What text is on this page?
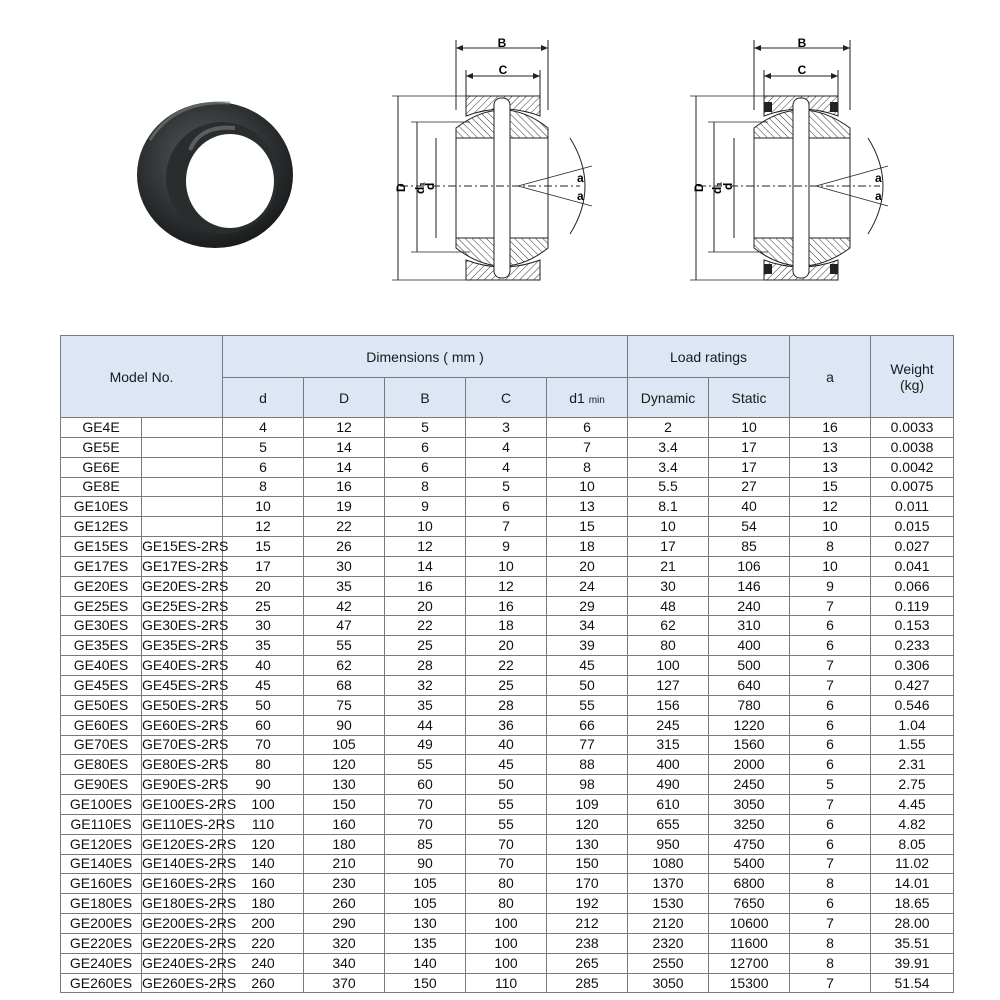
B
C
D d₁
d
a
a
B
C
D d₁
d
a
a
Model No.		Dimensions ( mm )					Load ratings		a	Weight
(kg)
		d	D	B	C	d1 min	Dynamic	Static		
GE4E		4	12	5	3	6	2	10	16	0.0033
GE5E		5	14	6	4	7	3.4	17	13	0.0038
GE6E		6	14	6	4	8	3.4	17	13	0.0042
GE8E		8	16	8	5	10	5.5	27	15	0.0075
GE10ES		10	19	9	6	13	8.1	40	12	0.011
GE12ES		12	22	10	7	15	10	54	10	0.015
GE15ES	GE15ES-2RS	15	26	12	9	18	17	85	8	0.027
GE17ES	GE17ES-2RS	17	30	14	10	20	21	106	10	0.041
GE20ES	GE20ES-2RS	20	35	16	12	24	30	146	9	0.066
GE25ES	GE25ES-2RS	25	42	20	16	29	48	240	7	0.119
GE30ES	GE30ES-2RS	30	47	22	18	34	62	310	6	0.153
GE35ES	GE35ES-2RS	35	55	25	20	39	80	400	6	0.233
GE40ES	GE40ES-2RS	40	62	28	22	45	100	500	7	0.306
GE45ES	GE45ES-2RS	45	68	32	25	50	127	640	7	0.427
GE50ES	GE50ES-2RS	50	75	35	28	55	156	780	6	0.546
GE60ES	GE60ES-2RS	60	90	44	36	66	245	1220	6	1.04
GE70ES	GE70ES-2RS	70	105	49	40	77	315	1560	6	1.55
GE80ES	GE80ES-2RS	80	120	55	45	88	400	2000	6	2.31
GE90ES	GE90ES-2RS	90	130	60	50	98	490	2450	5	2.75
GE100ES	GE100ES-2RS	100	150	70	55	109	610	3050	7	4.45
GE110ES	GE110ES-2RS	110	160	70	55	120	655	3250	6	4.82
GE120ES	GE120ES-2RS	120	180	85	70	130	950	4750	6	8.05
GE140ES	GE140ES-2RS	140	210	90	70	150	1080	5400	7	11.02
GE160ES	GE160ES-2RS	160	230	105	80	170	1370	6800	8	14.01
GE180ES	GE180ES-2RS	180	260	105	80	192	1530	7650	6	18.65
GE200ES	GE200ES-2RS	200	290	130	100	212	2120	10600	7	28.00
GE220ES	GE220ES-2RS	220	320	135	100	238	2320	11600	8	35.51
GE240ES	GE240ES-2RS	240	340	140	100	265	2550	12700	8	39.91
GE260ES	GE260ES-2RS	260	370	150	110	285	3050	15300	7	51.54
